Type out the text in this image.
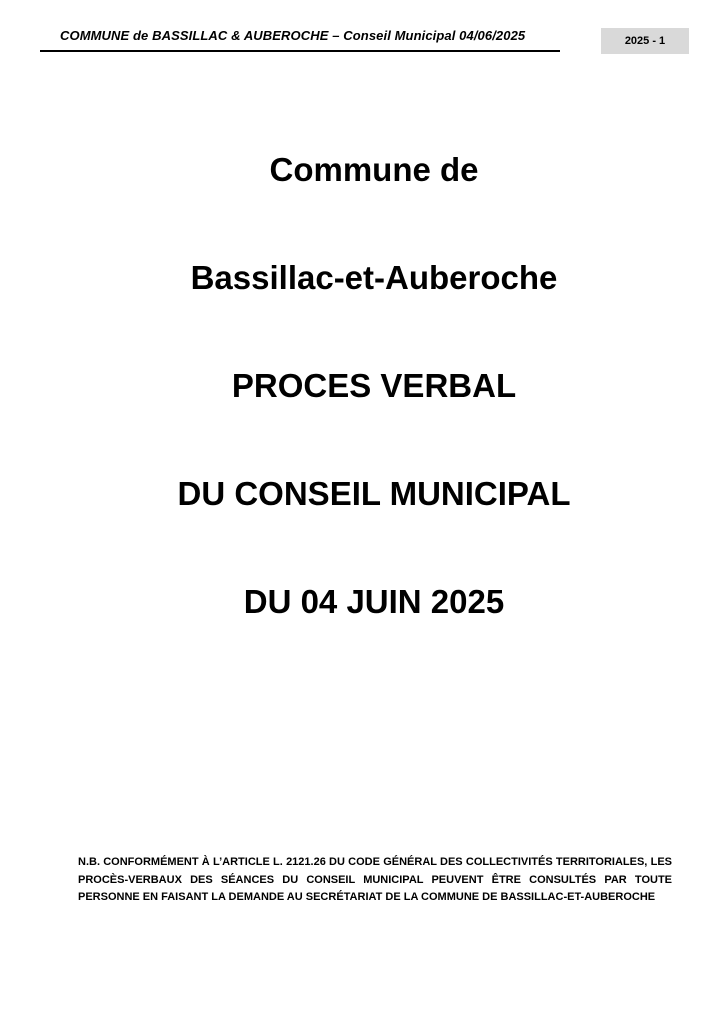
COMMUNE de BASSILLAC & AUBEROCHE – Conseil Municipal 04/06/2025	2025 - 1
Commune de
Bassillac-et-Auberoche
PROCES VERBAL
DU CONSEIL MUNICIPAL
DU 04 JUIN 2025
N.B. CONFORMÉMENT À L’ARTICLE L. 2121.26 DU CODE GÉNÉRAL DES COLLECTIVITÉS TERRITORIALES, LES PROCÈS-VERBAUX DES SÉANCES DU CONSEIL MUNICIPAL PEUVENT ÊTRE CONSULTÉS PAR TOUTE PERSONNE EN FAISANT LA DEMANDE AU SECRÉTARIAT DE LA COMMUNE DE BASSILLAC-ET-AUBEROCHE
